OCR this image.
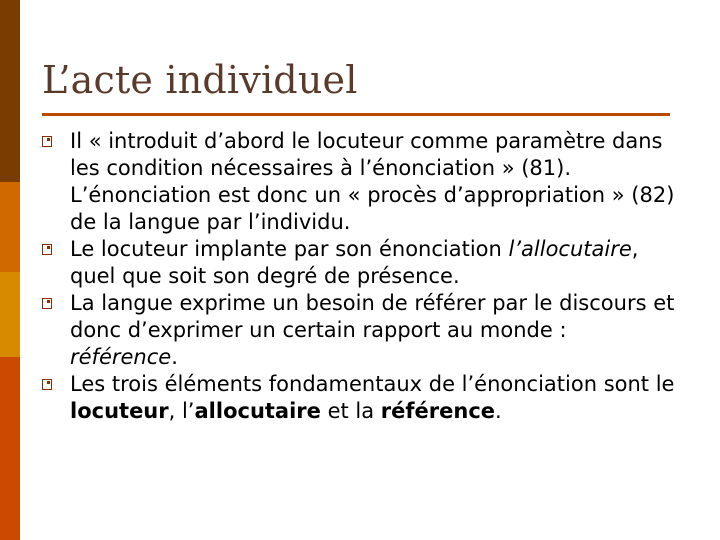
L’acte individuel
Il « introduit d’abord le locuteur comme paramètre dans les condition nécessaires à l’énonciation » (81). L’énonciation est donc un « procès d’appropriation » (82) de la langue par l’individu.
Le locuteur implante par son énonciation l’allocutaire, quel que soit son degré de présence.
La langue exprime un besoin de référer par le discours et donc d’exprimer un certain rapport au monde : référence.
Les trois éléments fondamentaux de l’énonciation sont le locuteur, l’allocutaire et la référence.
